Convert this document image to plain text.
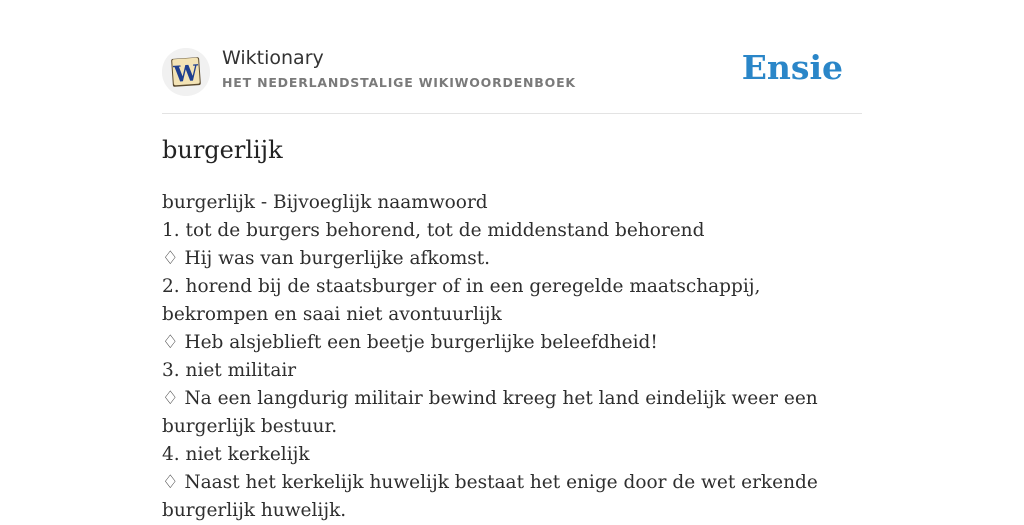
W
Wiktionary
HET NEDERLANDSTALIGE WIKIWOORDENBOEK	Ensie
burgerlijk
burgerlijk - Bijvoeglijk naamwoord
1. tot de burgers behorend, tot de middenstand behorend
♢ Hij was van burgerlijke afkomst.
2. horend bij de staatsburger of in een geregelde maatschappij, bekrompen en saai niet avontuurlijk
♢ Heb alsjeblieft een beetje burgerlijke beleefdheid!
3. niet militair
♢ Na een langdurig militair bewind kreeg het land eindelijk weer een burgerlijk bestuur.
4. niet kerkelijk
♢ Naast het kerkelijk huwelijk bestaat het enige door de wet erkende burgerlijk huwelijk.
